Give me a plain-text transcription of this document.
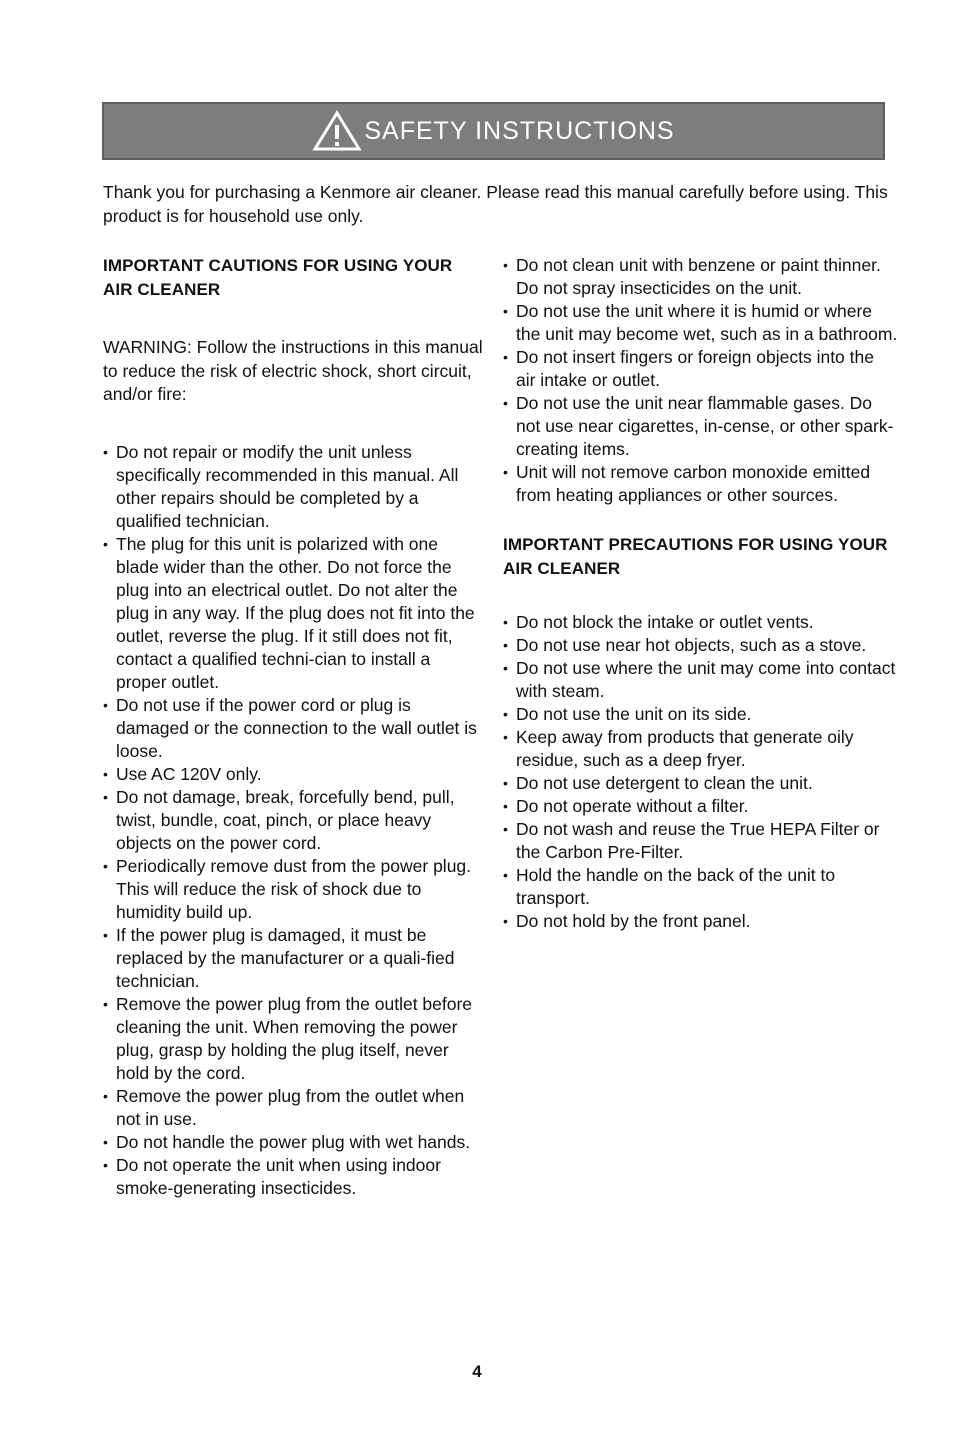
SAFETY INSTRUCTIONS

Thank you for purchasing a Kenmore air cleaner. Please read this manual carefully before using. This product is for household use only.

IMPORTANT CAUTIONS FOR USING YOUR AIR CLEANER

WARNING: Follow the instructions in this manual to reduce the risk of electric shock, short circuit, and/or fire:

• Do not repair or modify the unit unless specifically recommended in this manual. All other repairs should be completed by a qualified technician.
• The plug for this unit is polarized with one blade wider than the other. Do not force the plug into an electrical outlet. Do not alter the plug in any way. If the plug does not fit into the outlet, reverse the plug. If it still does not fit, contact a qualified techni-cian to install a proper outlet.
• Do not use if the power cord or plug is damaged or the connection to the wall outlet is loose.
• Use AC 120V only.
• Do not damage, break, forcefully bend, pull, twist, bundle, coat, pinch, or place heavy objects on the power cord.
• Periodically remove dust from the power plug. This will reduce the risk of shock due to humidity build up.
• If the power plug is damaged, it must be replaced by the manufacturer or a quali-fied technician.
• Remove the power plug from the outlet before cleaning the unit. When removing the power plug, grasp by holding the plug itself, never hold by the cord.
• Remove the power plug from the outlet when not in use.
• Do not handle the power plug with wet hands.
• Do not operate the unit when using indoor smoke-generating insecticides.
• Do not clean unit with benzene or paint thinner. Do not spray insecticides on the unit.
• Do not use the unit where it is humid or where the unit may become wet, such as in a bathroom.
• Do not insert fingers or foreign objects into the air intake or outlet.
• Do not use the unit near flammable gases. Do not use near cigarettes, in-cense, or other spark-creating items.
• Unit will not remove carbon monoxide emitted from heating appliances or other sources.
IMPORTANT PRECAUTIONS FOR USING YOUR AIR CLEANER
• Do not block the intake or outlet vents.
• Do not use near hot objects, such as a stove.
• Do not use where the unit may come into contact with steam.
• Do not use the unit on its side.
• Keep away from products that generate oily residue, such as a deep fryer.
• Do not use detergent to clean the unit.
• Do not operate without a filter.
• Do not wash and reuse the True HEPA Filter or the Carbon Pre-Filter.
• Hold the handle on the back of the unit to transport.
• Do not hold by the front panel.
4
